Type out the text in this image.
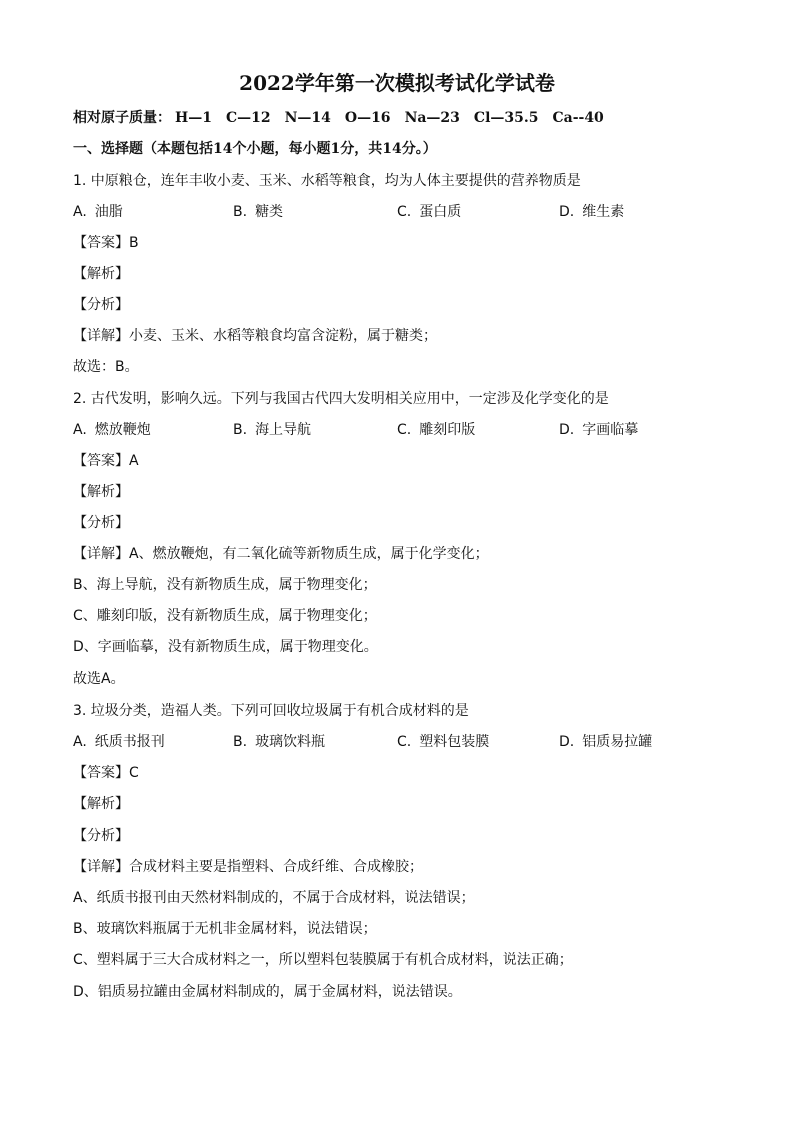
2022学年第一次模拟考试化学试卷
相对原子质量： H—1 C—12 N—14 O—16 Na—23 Cl—35.5 Ca--40
一、选择题（本题包括14个小题，每小题1分，共14分。）
1. 中原粮仓，连年丰收小麦、玉米、水稻等粮食，均为人体主要提供的营养物质是
A. 油脂	B. 糖类	C. 蛋白质	D. 维生素
【答案】B
【解析】
【分析】
【详解】小麦、玉米、水稻等粮食均富含淀粉，属于糖类；
故选：B。
2. 古代发明，影响久远。下列与我国古代四大发明相关应用中，一定涉及化学变化的是
A. 燃放鞭炮	B. 海上导航	C. 雕刻印版	D. 字画临摹
【答案】A
【解析】
【分析】
【详解】A、燃放鞭炮，有二氧化硫等新物质生成，属于化学变化；
B、海上导航，没有新物质生成，属于物理变化；
C、雕刻印版，没有新物质生成，属于物理变化；
D、字画临摹，没有新物质生成，属于物理变化。
故选A。
3. 垃圾分类，造福人类。下列可回收垃圾属于有机合成材料的是
A. 纸质书报刊	B. 玻璃饮料瓶	C. 塑料包装膜	D. 铝质易拉罐
【答案】C
【解析】
【分析】
【详解】合成材料主要是指塑料、合成纤维、合成橡胶；
A、纸质书报刊由天然材料制成的，不属于合成材料，说法错误；
B、玻璃饮料瓶属于无机非金属材料，说法错误；
C、塑料属于三大合成材料之一，所以塑料包装膜属于有机合成材料，说法正确；
D、铝质易拉罐由金属材料制成的，属于金属材料，说法错误。
